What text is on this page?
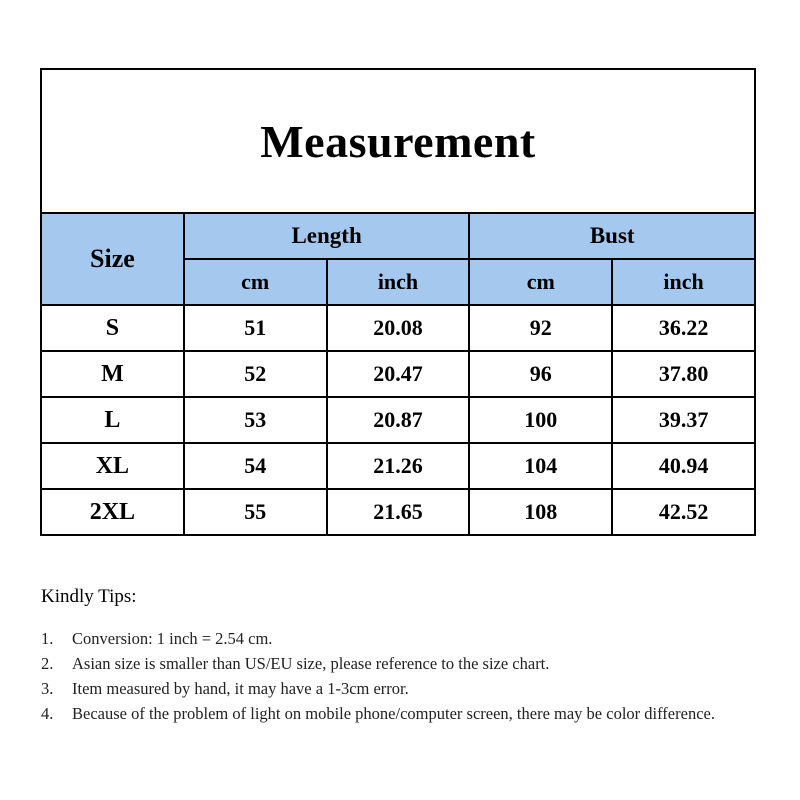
Measurement				
Size	Length		Bust	
	cm	inch	cm	inch
S	51	20.08	92	36.22
M	52	20.47	96	37.80
L	53	20.87	100	39.37
XL	54	21.26	104	40.94
2XL	55	21.65	108	42.52
Kindly Tips:
1.	Conversion: 1 inch = 2.54 cm.
2.	Asian size is smaller than US/EU size, please reference to the size chart.
3.	Item measured by hand, it may have a 1-3cm error.
4.	Because of the problem of light on mobile phone/computer screen, there may be color difference.
